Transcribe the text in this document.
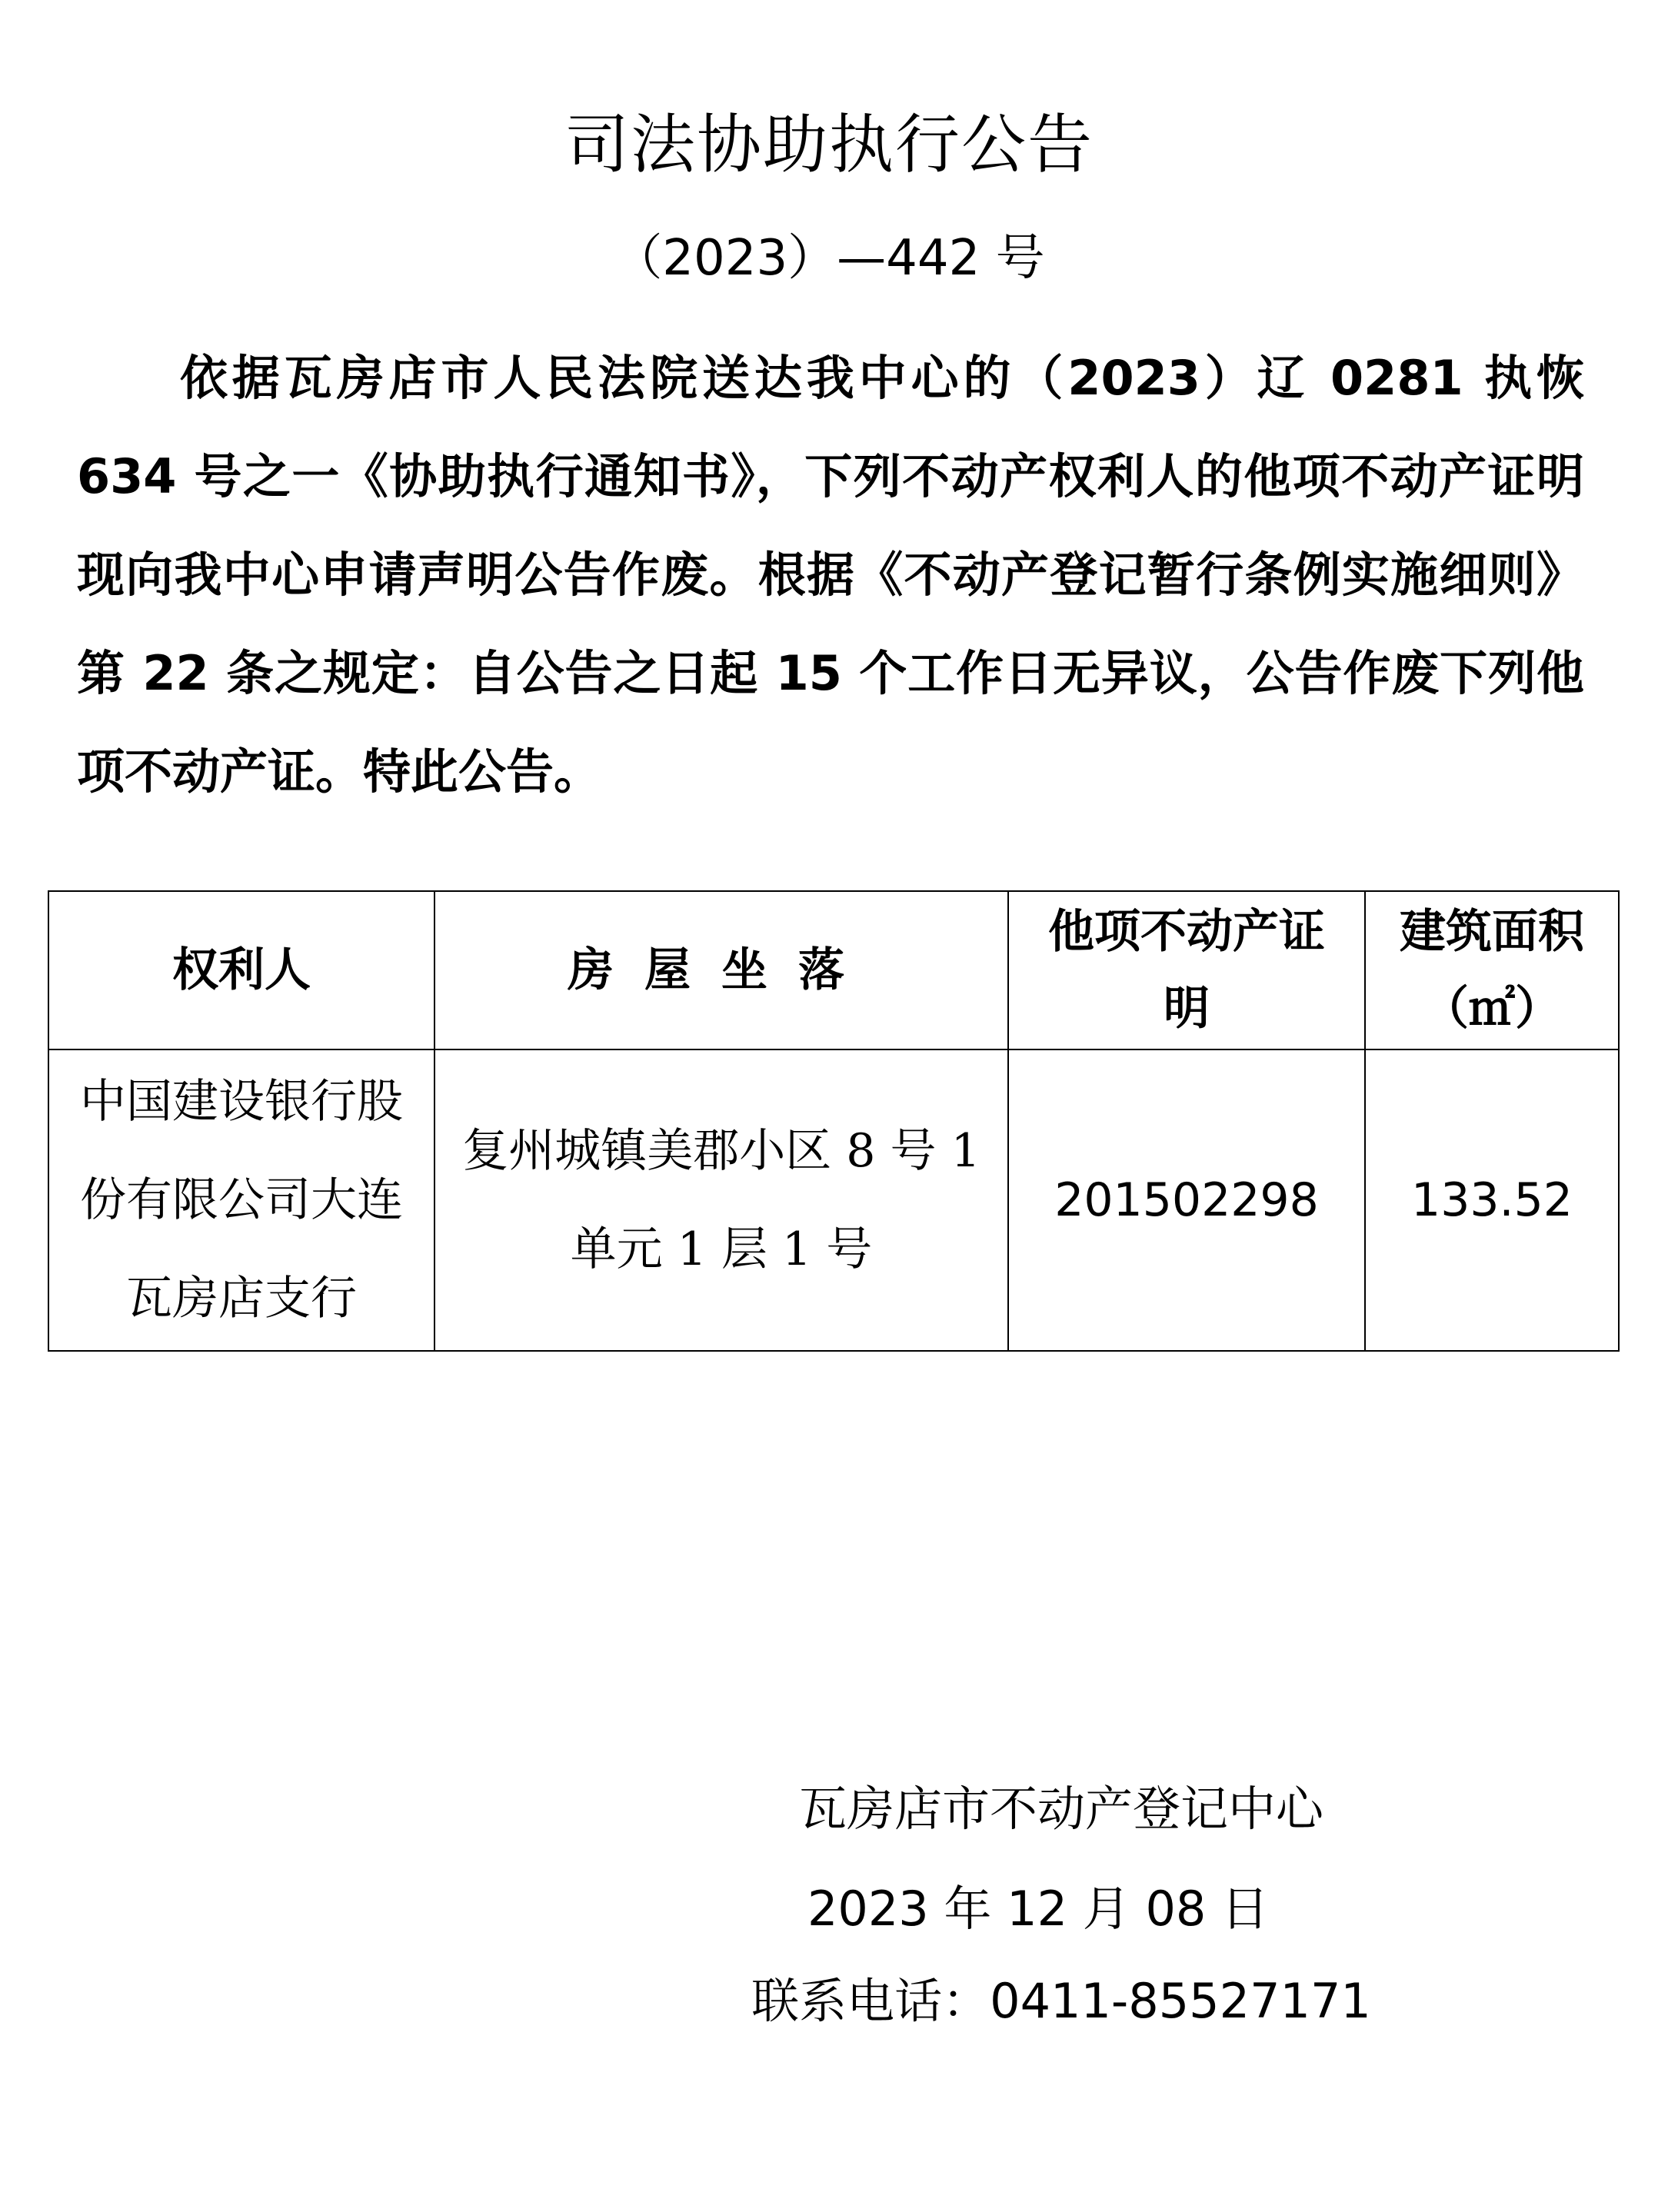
司法协助执行公告
（2023）—442 号

依据瓦房店市人民法院送达我中心的（2023）辽 0281 执恢 634 号之一《协助执行通知书》，下列不动产权利人的他项不动产证明现向我中心申请声明公告作废。根据《不动产登记暂行条例实施细则》第 22 条之规定：自公告之日起 15 个工作日无异议，公告作废下列他项不动产证。特此公告。

权利人	房屋坐落	他项不动产证明	建筑面积（㎡）
中国建设银行股份有限公司大连瓦房店支行	复州城镇美郡小区 8 号 1 单元 1 层 1 号	201502298	133.52
瓦房店市不动产登记中心
2023 年 12 月 08 日
联系电话：0411-85527171
